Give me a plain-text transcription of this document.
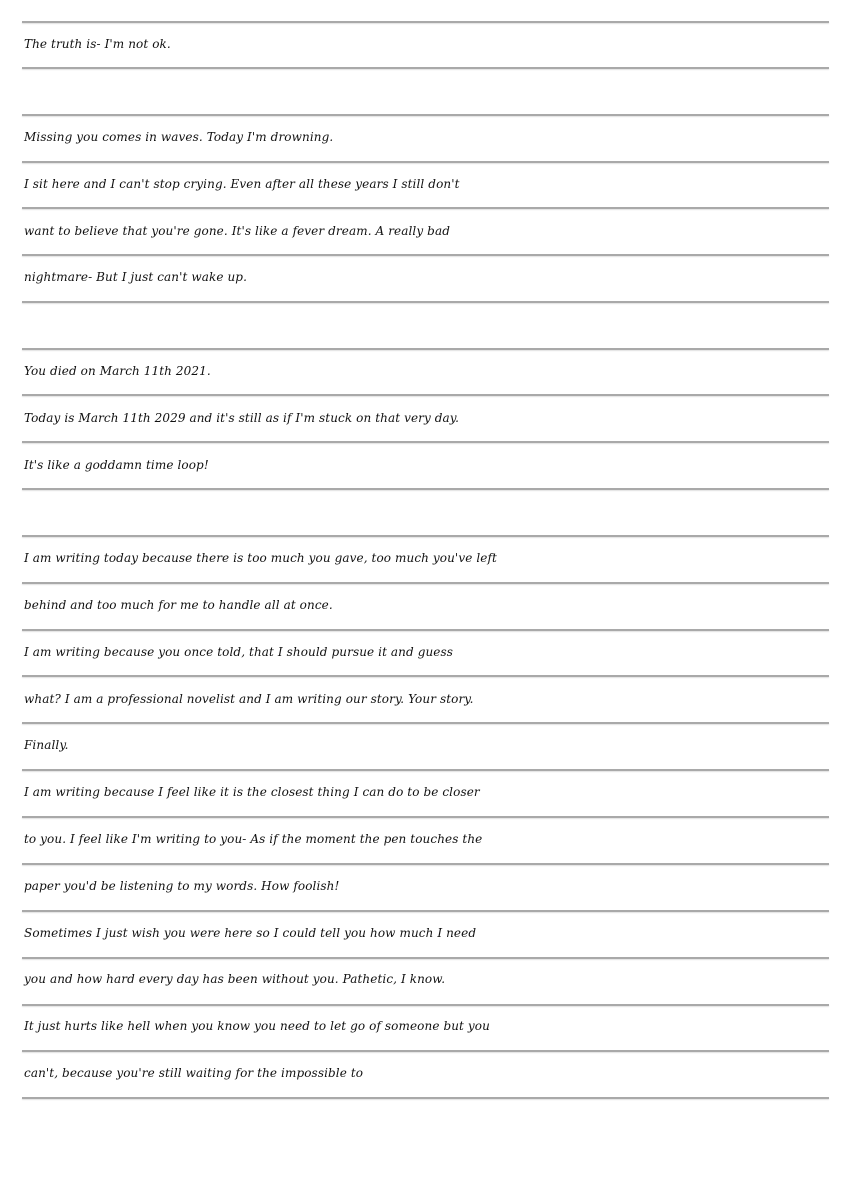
The truth is- I'm not ok.
Missing you comes in waves. Today I'm drowning.
I sit here and I can't stop crying. Even after all these years I still don't
want to believe that you're gone. It's like a fever dream. A really bad
nightmare- But I just can't wake up.
You died on March 11th 2021.
Today is March 11th 2029 and it's still as if I'm stuck on that very day.
It's like a goddamn time loop!
I am writing today because there is too much you gave, too much you've left
behind and too much for me to handle all at once.
I am writing because you once told, that I should pursue it and guess
what? I am a professional novelist and I am writing our story. Your story.
Finally.
I am writing because I feel like it is the closest thing I can do to be closer
to you. I feel like I'm writing to you- As if the moment the pen touches the
paper you'd be listening to my words. How foolish!
Sometimes I just wish you were here so I could tell you how much I need
you and how hard every day has been without you. Pathetic, I know.
It just hurts like hell when you know you need to let go of someone but you
can't, because you're still waiting for the impossible to
